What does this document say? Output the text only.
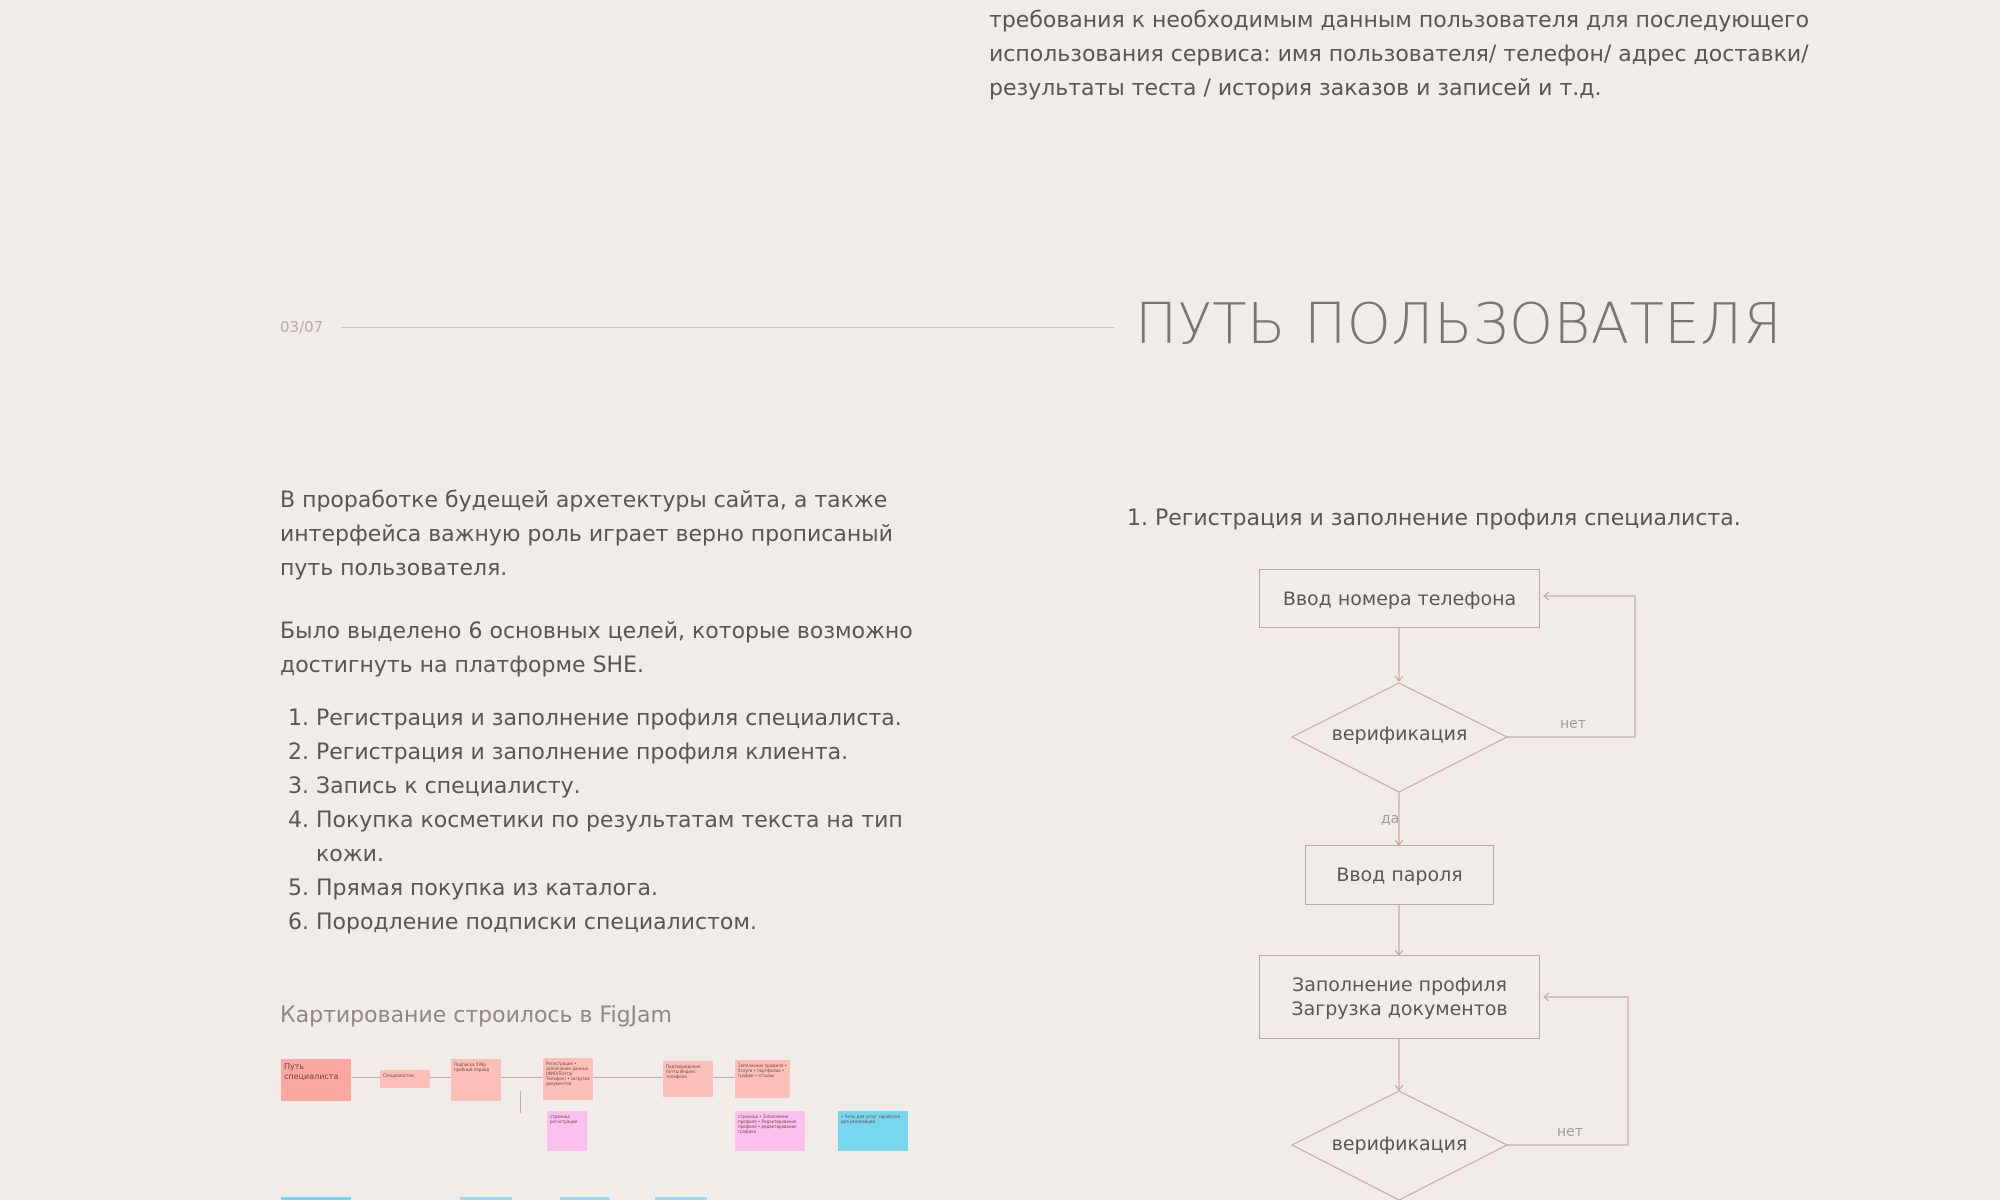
требования к необходимым данным пользователя для последующего
использования сервиса: имя пользователя/ телефон/ адрес доставки/
результаты теста / история заказов и записей и т.д.
03/07	ПУТЬ ПОЛЬЗОВАТЕЛЯ
В проработке будещей архетектуры сайта, а также
интерфейса важную роль играет верно прописаный
путь пользователя.
Было выделено 6 основных целей, которые возможно
достигнуть на платформе SHE.
1. Регистрация и заполнение профиля специалиста.
2. Регистрация и заполнение профиля клиента.
3. Запись к специалисту.
4. Покупка косметики по результатам текста на тип
кожи.
5. Прямая покупка из каталога.
6. Породление подписки специалистом.
Картирование строилось в FigJam
Путь специалиста	Специалистам
Подписка 599р пробный период
Регистрация • заполнение данных (ФИО/Почта/Телефон) • загрузка документов
Подтверждение почты Индекс телефона
Заполнение профиля • Услуги • портфолио • график • отзывы
страница регистрации
страница • Заполнение профиля • Редактирование профиля • редактирование графика
• Чаты для услуг заработка для реализации
1. Регистрация и заполнение профиля специалиста.
Ввод номера телефона
верификация	нет
да
Ввод пароля
Заполнение профиля
Загрузка документов
верификация
нет
